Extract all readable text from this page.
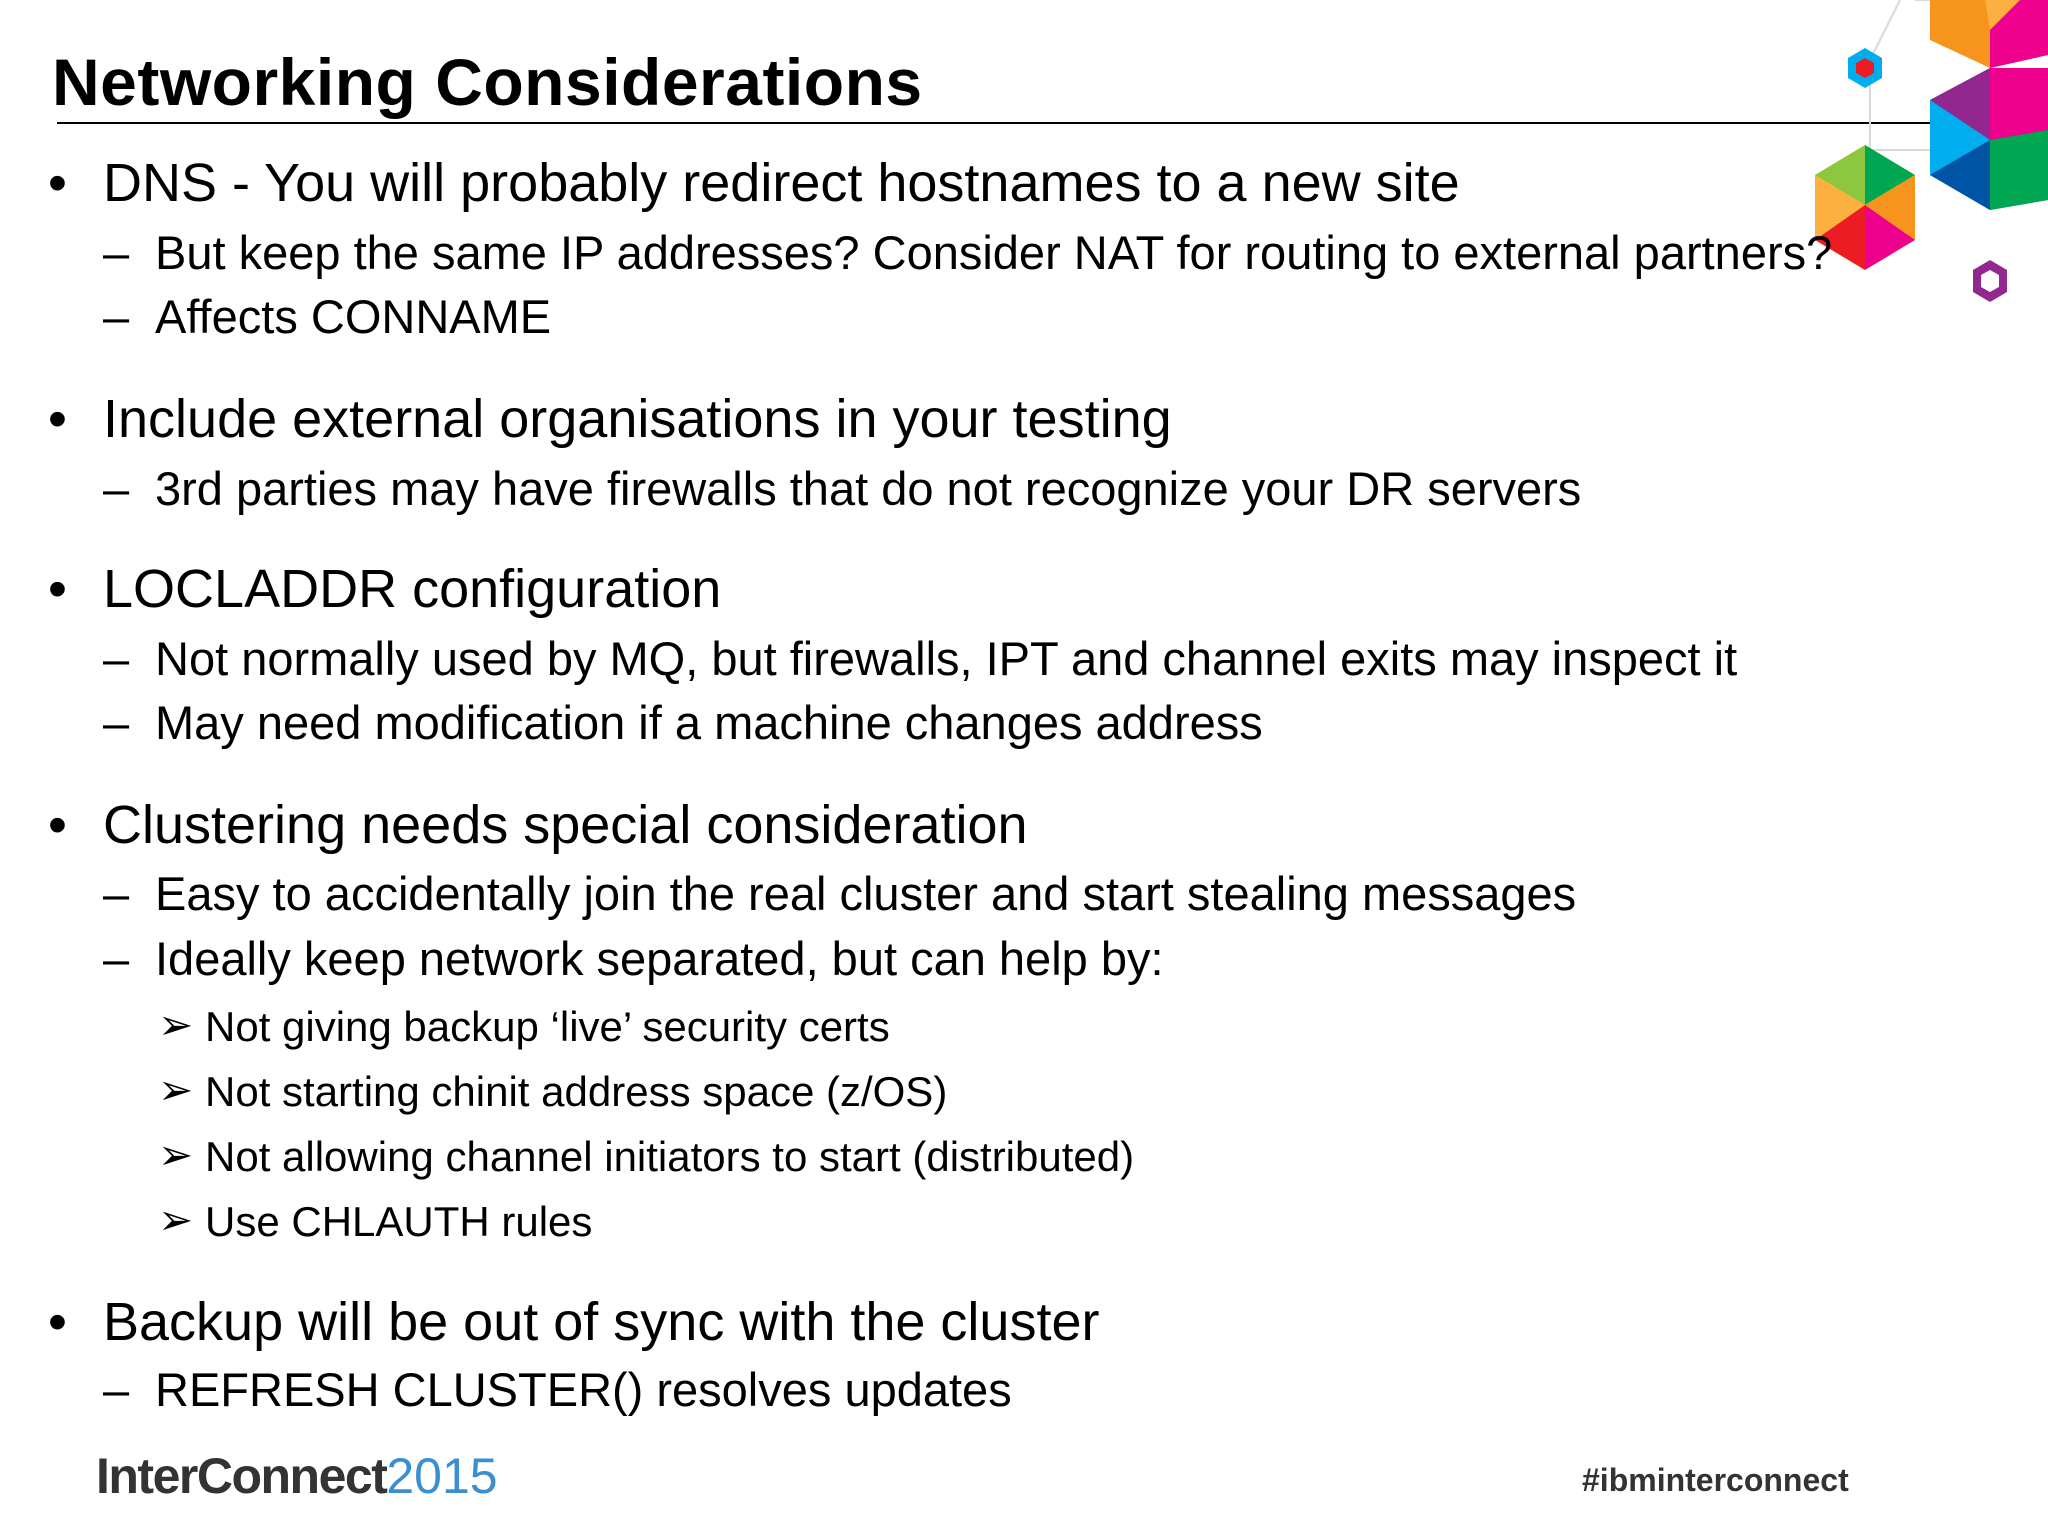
Networking Considerations
• DNS - You will probably redirect hostnames to a new site
– But keep the same IP addresses? Consider NAT for routing to external partners?
– Affects CONNAME
• Include external organisations in your testing
– 3rd parties may have firewalls that do not recognize your DR servers
• LOCLADDR configuration
– Not normally used by MQ, but firewalls, IPT and channel exits may inspect it
– May need modification if a machine changes address
• Clustering needs special consideration
– Easy to accidentally join the real cluster and start stealing messages
– Ideally keep network separated, but can help by:
➢ Not giving backup ‘live’ security certs
➢ Not starting chinit address space (z/OS)
➢ Not allowing channel initiators to start (distributed)
➢ Use CHLAUTH rules
• Backup will be out of sync with the cluster
– REFRESH CLUSTER() resolves updates
InterConnect2015	#ibminterconnect
